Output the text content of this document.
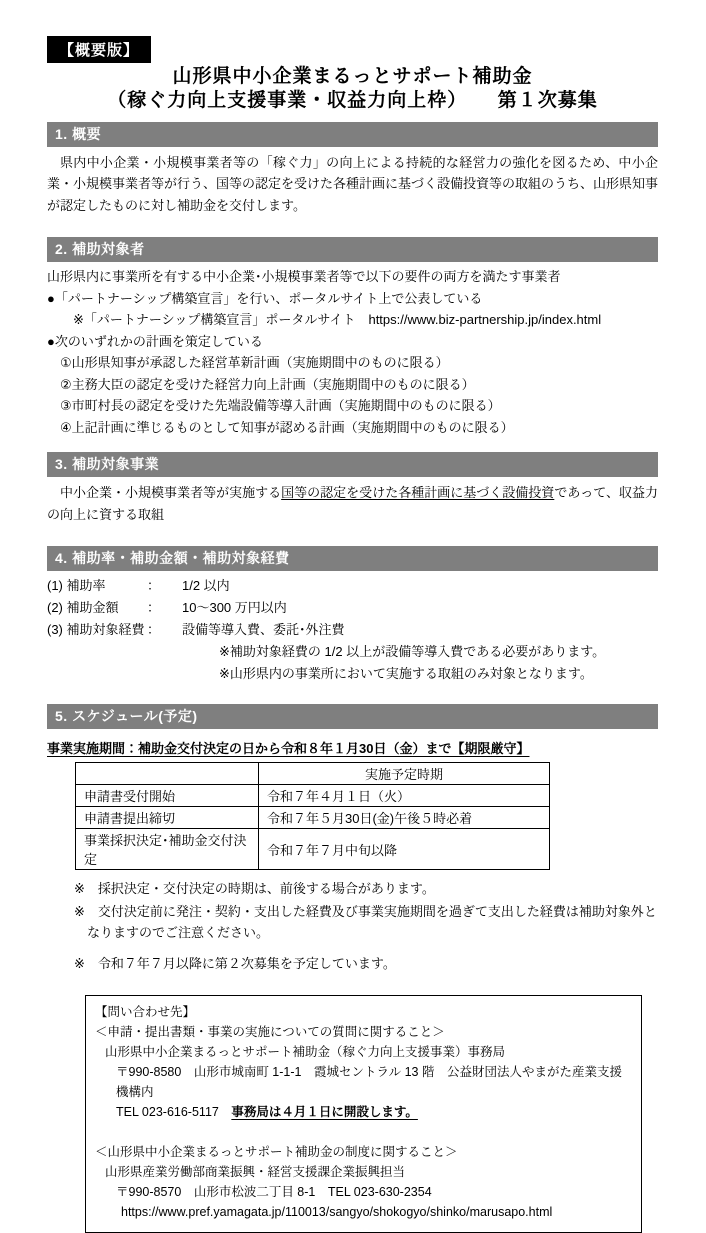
【概要版】
山形県中小企業まるっとサポート補助金
（稼ぐ力向上支援事業・収益力向上枠）　　第１次募集
1. 概要

県内中小企業・小規模事業者等の「稼ぐ力」の向上による持続的な経営力の強化を図るため、中小企業・小規模事業者等が行う、国等の認定を受けた各種計画に基づく設備投資等の取組のうち、山形県知事が認定したものに対し補助金を交付します。

2. 補助対象者
山形県内に事業所を有する中小企業･小規模事業者等で以下の要件の両方を満たす事業者
●「パートナーシップ構築宣言」を行い、ポータルサイト上で公表している
※「パートナーシップ構築宣言」ポータルサイト　https://www.biz-partnership.jp/index.html
●次のいずれかの計画を策定している
①山形県知事が承認した経営革新計画（実施期間中のものに限る）
②主務大臣の認定を受けた経営力向上計画（実施期間中のものに限る）
③市町村長の認定を受けた先端設備等導入計画（実施期間中のものに限る）
④上記計画に準じるものとして知事が認める計画（実施期間中のものに限る）
3. 補助対象事業

中小企業・小規模事業者等が実施する国等の認定を受けた各種計画に基づく設備投資であって、収益力の向上に資する取組

4. 補助率・補助金額・補助対象経費
(1) 補助率	：	1/2 以内
(2) 補助金額	：	10～300 万円以内
(3) 補助対象経費 ：	設備等導入費、委託･外注費
※補助対象経費の 1/2 以上が設備等導入費である必要があります。
※山形県内の事業所において実施する取組のみ対象となります。
5. スケジュール(予定)
事業実施期間：補助金交付決定の日から令和８年１月30日（金）まで【期限厳守】
	実施予定時期
申請書受付開始	令和７年４月１日（火）
申請書提出締切	令和７年５月30日(金)午後５時必着
事業採択決定･補助金交付決定	令和７年７月中旬以降
※　採択決定・交付決定の時期は、前後する場合があります。
※　交付決定前に発注・契約・支出した経費及び事業実施期間を過ぎて支出した経費は補助対象外となりますのでご注意ください。
※　令和７年７月以降に第２次募集を予定しています。
【問い合わせ先】
＜申請・提出書類・事業の実施についての質問に関すること＞
山形県中小企業まるっとサポート補助金（稼ぐ力向上支援事業）事務局
〒990-8580　山形市城南町 1-1-1　霞城セントラル 13 階　公益財団法人やまがた産業支援機構内
TEL 023-616-5117　事務局は４月１日に開設します。
＜山形県中小企業まるっとサポート補助金の制度に関すること＞
山形県産業労働部商業振興・経営支援課企業振興担当
〒990-8570　山形市松波二丁目 8-1　TEL 023-630-2354
https://www.pref.yamagata.jp/110013/sangyo/shokogyo/shinko/marusapo.html
